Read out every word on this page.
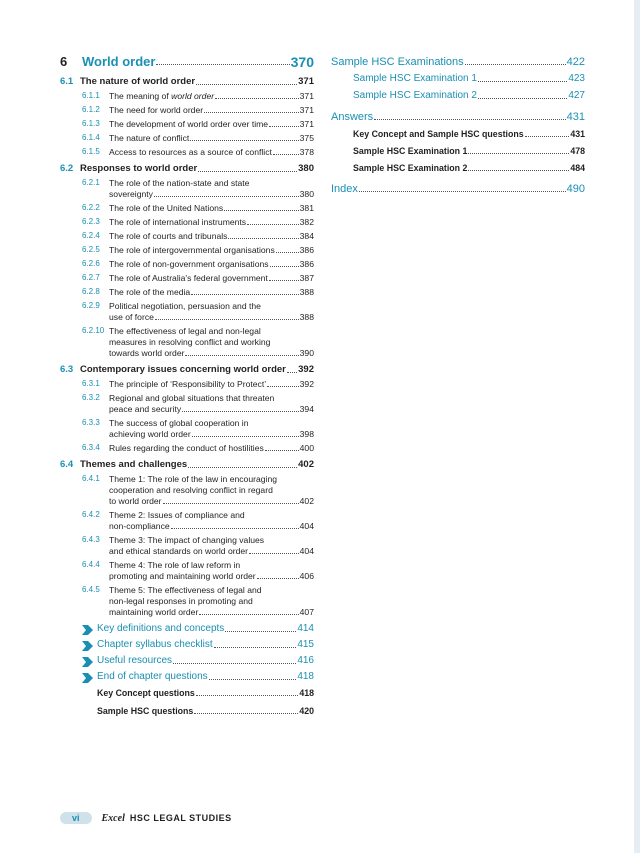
6 World order	370
6.1 The nature of world order	371
6.1.1	The meaning of world order	371
6.1.2	The need for world order	371
6.1.3	The development of world order over time	371
6.1.4	The nature of conflict	375
6.1.5	Access to resources as a source of conflict	378
6.2 Responses to world order	380
6.2.1	The role of the nation-state and state
sovereignty	380
6.2.2	The role of the United Nations	381
6.2.3	The role of international instruments	382
6.2.4	The role of courts and tribunals	384
6.2.5	The role of intergovernmental organisations	386
6.2.6	The role of non-government organisations	386
6.2.7	The role of Australia's federal government	387
6.2.8	The role of the media	388
6.2.9	Political negotiation, persuasion and the
use of force	388
6.2.10 The effectiveness of legal and non-legal
measures in resolving conflict and working
towards world order	390
6.3 Contemporary issues concerning world order 392
6.3.1	The principle of ‘Responsibility to Protect’	392
6.3.2	Regional and global situations that threaten
peace and security	394
6.3.3	The success of global cooperation in
achieving world order	398
6.3.4	Rules regarding the conduct of hostilities	400
6.4 Themes and challenges	402
6.4.1	Theme 1: The role of the law in encouraging
cooperation and resolving conflict in regard
to world order	402
6.4.2	Theme 2: Issues of compliance and
non-compliance	404
6.4.3	Theme 3: The impact of changing values
and ethical standards on world order	404
6.4.4	Theme 4: The role of law reform in
promoting and maintaining world order	406
6.4.5	Theme 5: The effectiveness of legal and
non-legal responses in promoting and
maintaining world order	407
Key definitions and concepts	414
Chapter syllabus checklist	415
Useful resources	416
End of chapter questions	418
Key Concept questions	418
Sample HSC questions	420
Sample HSC Examinations	422
Sample HSC Examination 1	423
Sample HSC Examination 2	427
Answers	431
Key Concept and Sample HSC questions	431
Sample HSC Examination 1	478
Sample HSC Examination 2	484
Index	490
vi	Excel HSC LEGAL STUDIES
